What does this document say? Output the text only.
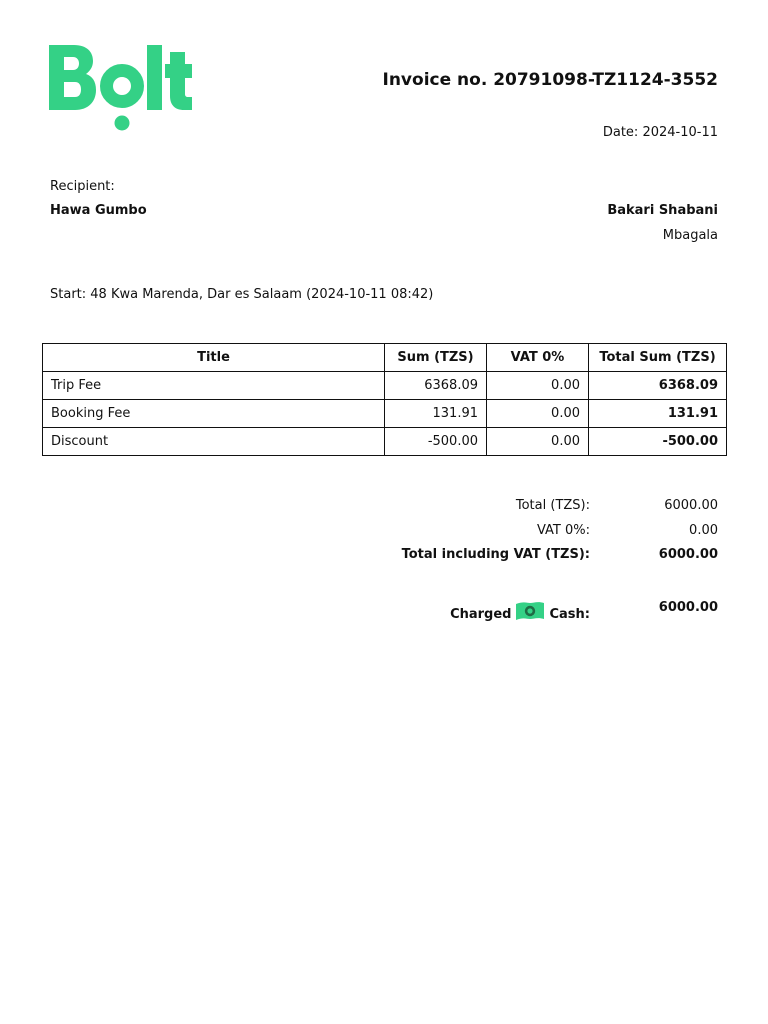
Invoice no. 20791098-TZ1124-3552
Date: 2024-10-11
Recipient:
Hawa Gumbo	Bakari Shabani
Mbagala
Start: 48 Kwa Marenda, Dar es Salaam (2024-10-11 08:42)
Title	Sum (TZS)	VAT 0%	Total Sum (TZS)
Trip Fee	6368.09	0.00	6368.09
Booking Fee	131.91	0.00	131.91
Discount	-500.00	0.00	-500.00
Total (TZS):	6000.00
VAT 0%:	0.00
Total including VAT (TZS):	6000.00
Charged	Cash:	6000.00
